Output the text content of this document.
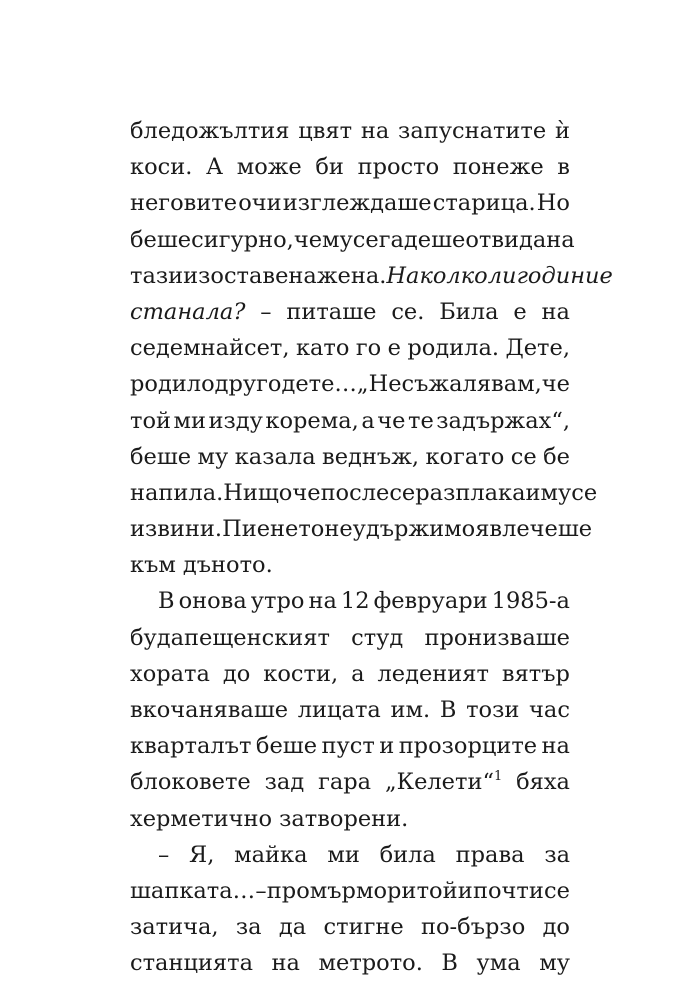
бледожълтия цвят на запуснатите ѝ
коси. А може би просто понеже в
неговите очи изглеждаше старица. Но
беше сигурно, че му се гадеше от вида на
тази изоставена жена. На колко ли години е
станала? – питаше се. Била е на
седемнайсет, като го е родила. Дете,
родило друго дете… „Не съжалявам, че
той ми изду корема, а че те задържах“,
беше му казала веднъж, когато се бе
напила. Нищо че после се разплака и му се
извини. Пиенето неудържимо я влечеше
към дъното.
В онова утро на 12 февруари 1985-а
будапещенският студ пронизваше
хората до кости, а леденият вятър
вкочаняваше лицата им. В този час
кварталът беше пуст и прозорците на
блоковете зад гара „Келети“$^1$ бяха
херметично затворени.
– Я, майка ми била права за
шапката… – промърмори той и почти се
затича, за да стигне по-бързо до
станцията на метрото. В ума му
